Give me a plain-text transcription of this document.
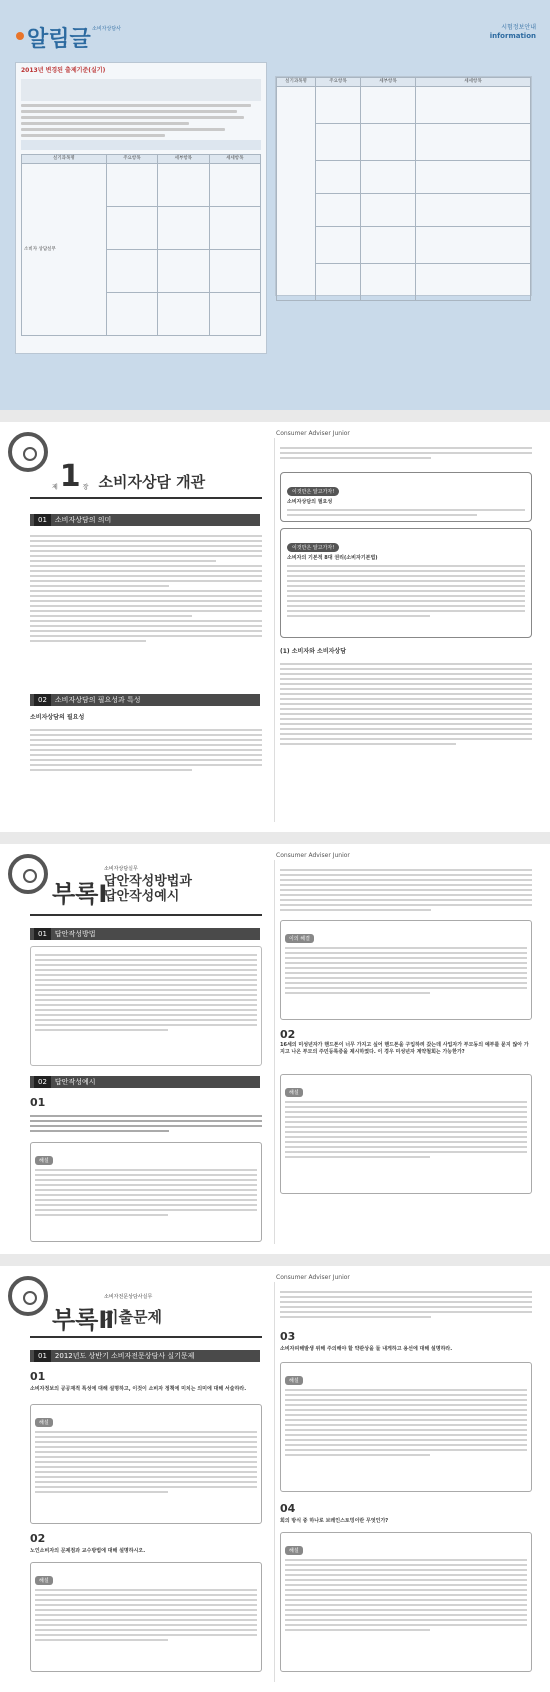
알림글 소비자상담사	시험정보안내
information
2013년 변경된 출제기준(실기)
실기과목명	주요항목	세부항목	세세항목
소비자 상담실무			

실기과목명	주요항목	세부항목	세세항목

Consumer Adviser Junior
제 1 장 소비자상담 개관
01 소비자상담의 의미
02 소비자상담의 필요성과 특성
소비자상담의 필요성
이것만은 알고가자!
소비자상담의 필요성
이것만은 알고가자!
소비자의 기본적 8대 권리(소비자기본법)
(1) 소비자와 소비자상담
Consumer Adviser Junior
소비자상담실무
부록Ⅰ
답안작성방법과
답안작성예시
01 답안작성방법
02 답안작성예시
01
해설
이의 해결
02
16세의 미성년자가 핸드폰이 너무 가지고 싶어 핸드폰을 구입하려 갔는데 사업자가 부모동의 예부를 묻지 않아 가지고 나온 부모의 주민등록증을 제시하였다. 이 경우 미성년자 계약철회는 가능한가?
해설
Consumer Adviser Junior
소비자전문상담사실무
부록Ⅱ
기출문제
01 2012년도 상반기 소비자전문상담사 실기문제
01
소비자정보의 공공재적 특성에 대해 설명하고, 이것이 소비자 정책에 미치는 의미에 대해 서술하라.
해설
02
노인소비자의 문제점과 교수방법에 대해 설명하시오.
해설
03
소비자피해발생 위해 주의해야 할 약관상을 둘 내게하고 용선에 대해 설명하라.
해설
04
회의 방식 중 하나로 브레인스토밍이란 무엇인가?
해설
